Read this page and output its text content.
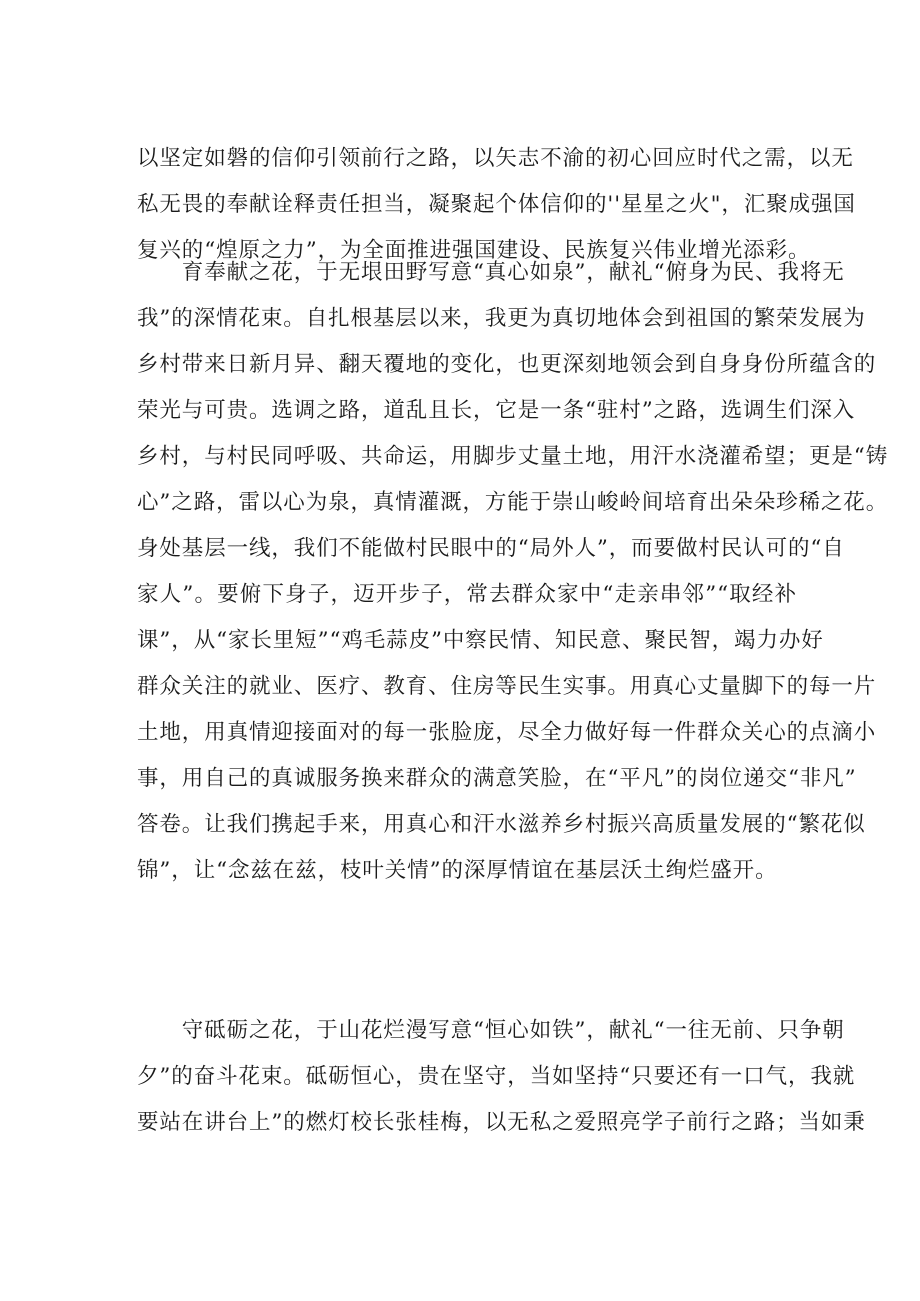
以坚定如磐的信仰引领前行之路，以矢志不渝的初心回应时代之需，以无
私无畏的奉献诠释责任担当，凝聚起个体信仰的''星星之火"，汇聚成强国
复兴的“煌原之力”，为全面推进强国建设、民族复兴伟业增光添彩。
　　育奉献之花，于无垠田野写意“真心如泉”，献礼“俯身为民、我将无
我”的深情花束。自扎根基层以来，我更为真切地体会到祖国的繁荣发展为
乡村带来日新月异、翻天覆地的变化，也更深刻地领会到自身身份所蕴含的
荣光与可贵。选调之路，道乱且长，它是一条“驻村”之路，选调生们深入
乡村，与村民同呼吸、共命运，用脚步丈量土地，用汗水浇灌希望；更是“铸
心”之路，雷以心为泉，真情灌溉，方能于崇山峻岭间培育出朵朵珍稀之花。
身处基层一线，我们不能做村民眼中的“局外人”，而要做村民认可的“自
家人”。要俯下身子，迈开步子，常去群众家中“走亲串邻”“取经补
课”，从“家长里短”“鸡毛蒜皮”中察民情、知民意、聚民智，竭力办好
群众关注的就业、医疗、教育、住房等民生实事。用真心丈量脚下的每一片
土地，用真情迎接面对的每一张脸庞，尽全力做好每一件群众关心的点滴小
事，用自己的真诚服务换来群众的满意笑脸，在“平凡”的岗位递交“非凡”
答卷。让我们携起手来，用真心和汗水滋养乡村振兴高质量发展的“繁花似
锦”，让“念兹在兹，枝叶关情”的深厚情谊在基层沃土绚烂盛开。
　　守砥砺之花，于山花烂漫写意“恒心如铁”，献礼“一往无前、只争朝
夕”的奋斗花束。砥砺恒心，贵在坚守，当如坚持“只要还有一口气，我就
要站在讲台上”的燃灯校长张桂梅，以无私之爱照亮学子前行之路；当如秉
